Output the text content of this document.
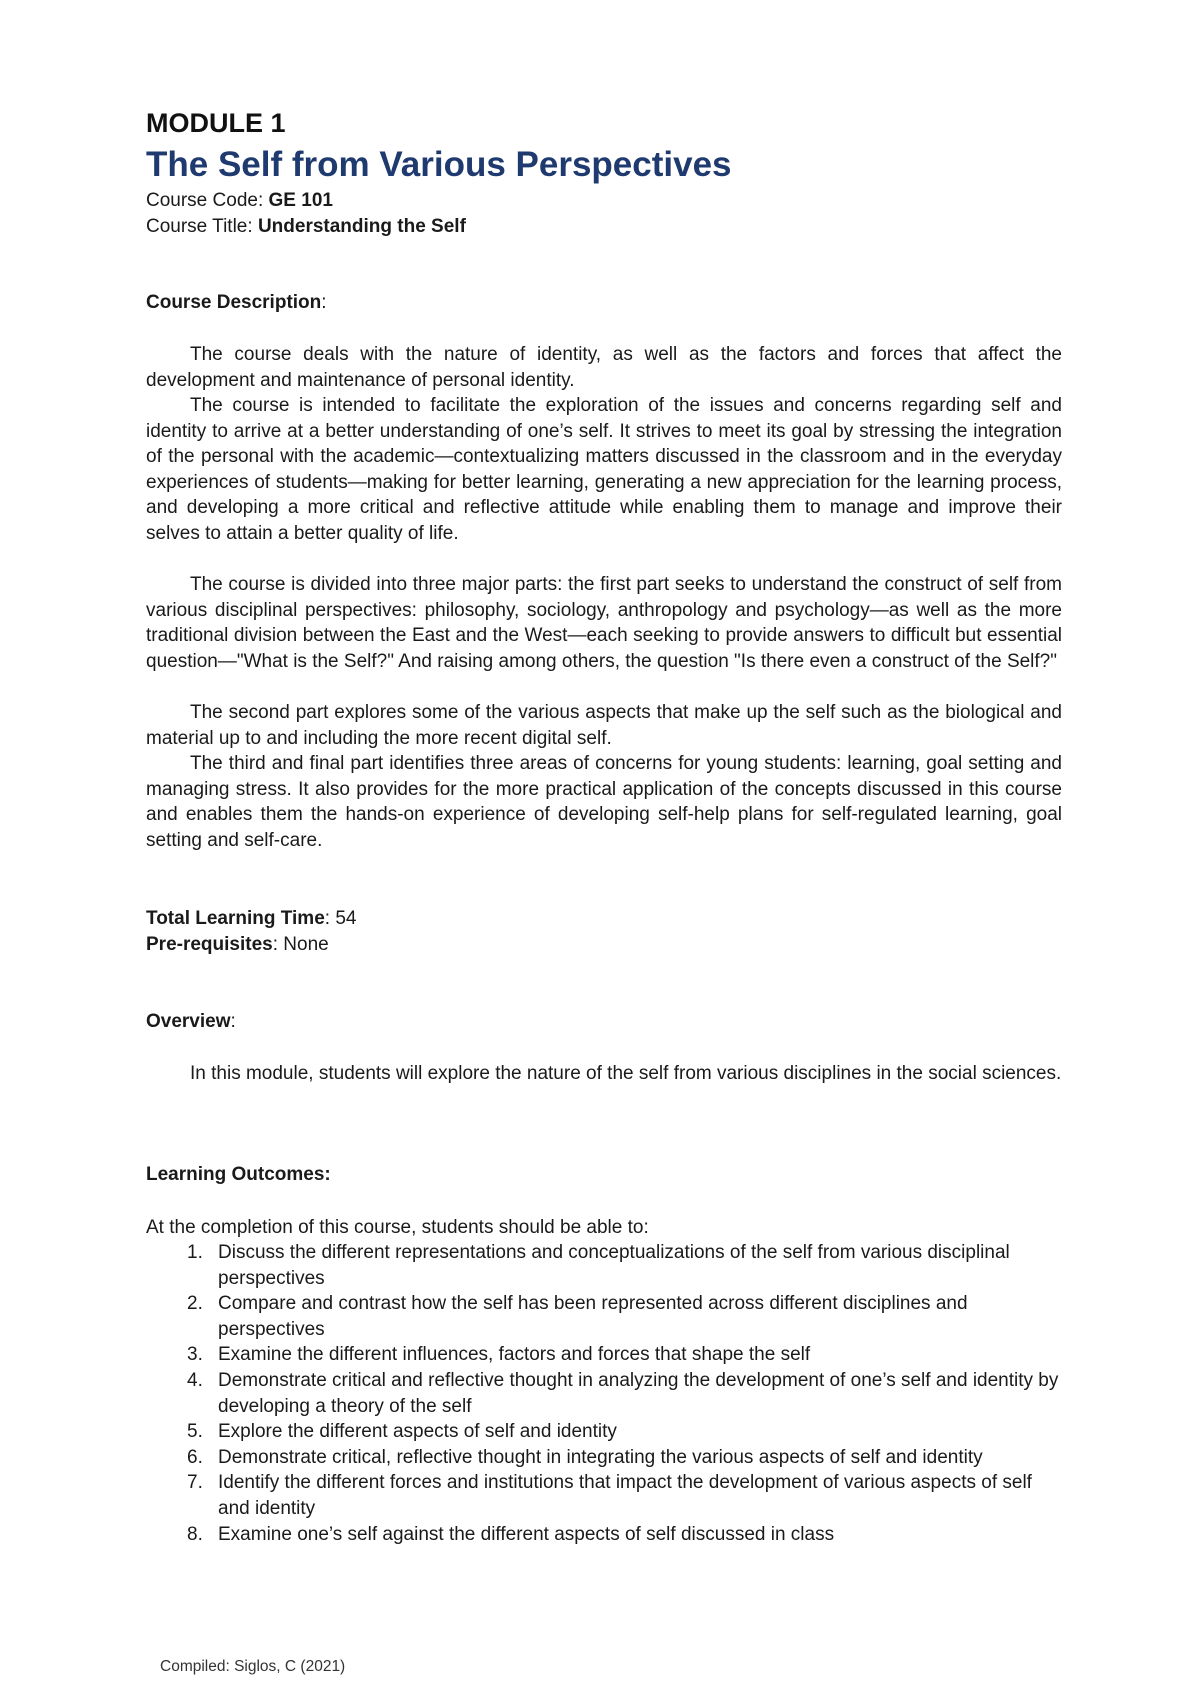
MODULE 1
The Self from Various Perspectives
Course Code: GE 101
Course Title: Understanding the Self
Course Description:

The course deals with the nature of identity, as well as the factors and forces that affect the development and maintenance of personal identity.

The course is intended to facilitate the exploration of the issues and concerns regarding self and identity to arrive at a better understanding of one’s self. It strives to meet its goal by stressing the integration of the personal with the academic—contextualizing matters discussed in the classroom and in the everyday experiences of students—making for better learning, generating a new appreciation for the learning process, and developing a more critical and reflective attitude while enabling them to manage and improve their selves to attain a better quality of life.

The course is divided into three major parts: the first part seeks to understand the construct of self from various disciplinal perspectives: philosophy, sociology, anthropology and psychology—as well as the more traditional division between the East and the West—each seeking to provide answers to difficult but essential question—"What is the Self?" And raising among others, the question "Is there even a construct of the Self?"

The second part explores some of the various aspects that make up the self such as the biological and material up to and including the more recent digital self.

The third and final part identifies three areas of concerns for young students: learning, goal setting and managing stress. It also provides for the more practical application of the concepts discussed in this course and enables them the hands-on experience of developing self-help plans for self-regulated learning, goal setting and self-care.

Total Learning Time: 54
Pre-requisites: None
Overview:

In this module, students will explore the nature of the self from various disciplines in the social sciences.

Learning Outcomes:
At the completion of this course, students should be able to:
1. Discuss the different representations and conceptualizations of the self from various disciplinal perspectives
2. Compare and contrast how the self has been represented across different disciplines and perspectives
3. Examine the different influences, factors and forces that shape the self
4. Demonstrate critical and reflective thought in analyzing the development of one’s self and identity by developing a theory of the self
5. Explore the different aspects of self and identity
6. Demonstrate critical, reflective thought in integrating the various aspects of self and identity
7. Identify the different forces and institutions that impact the development of various aspects of self and identity
8. Examine one’s self against the different aspects of self discussed in class
Compiled: Siglos, C (2021)
